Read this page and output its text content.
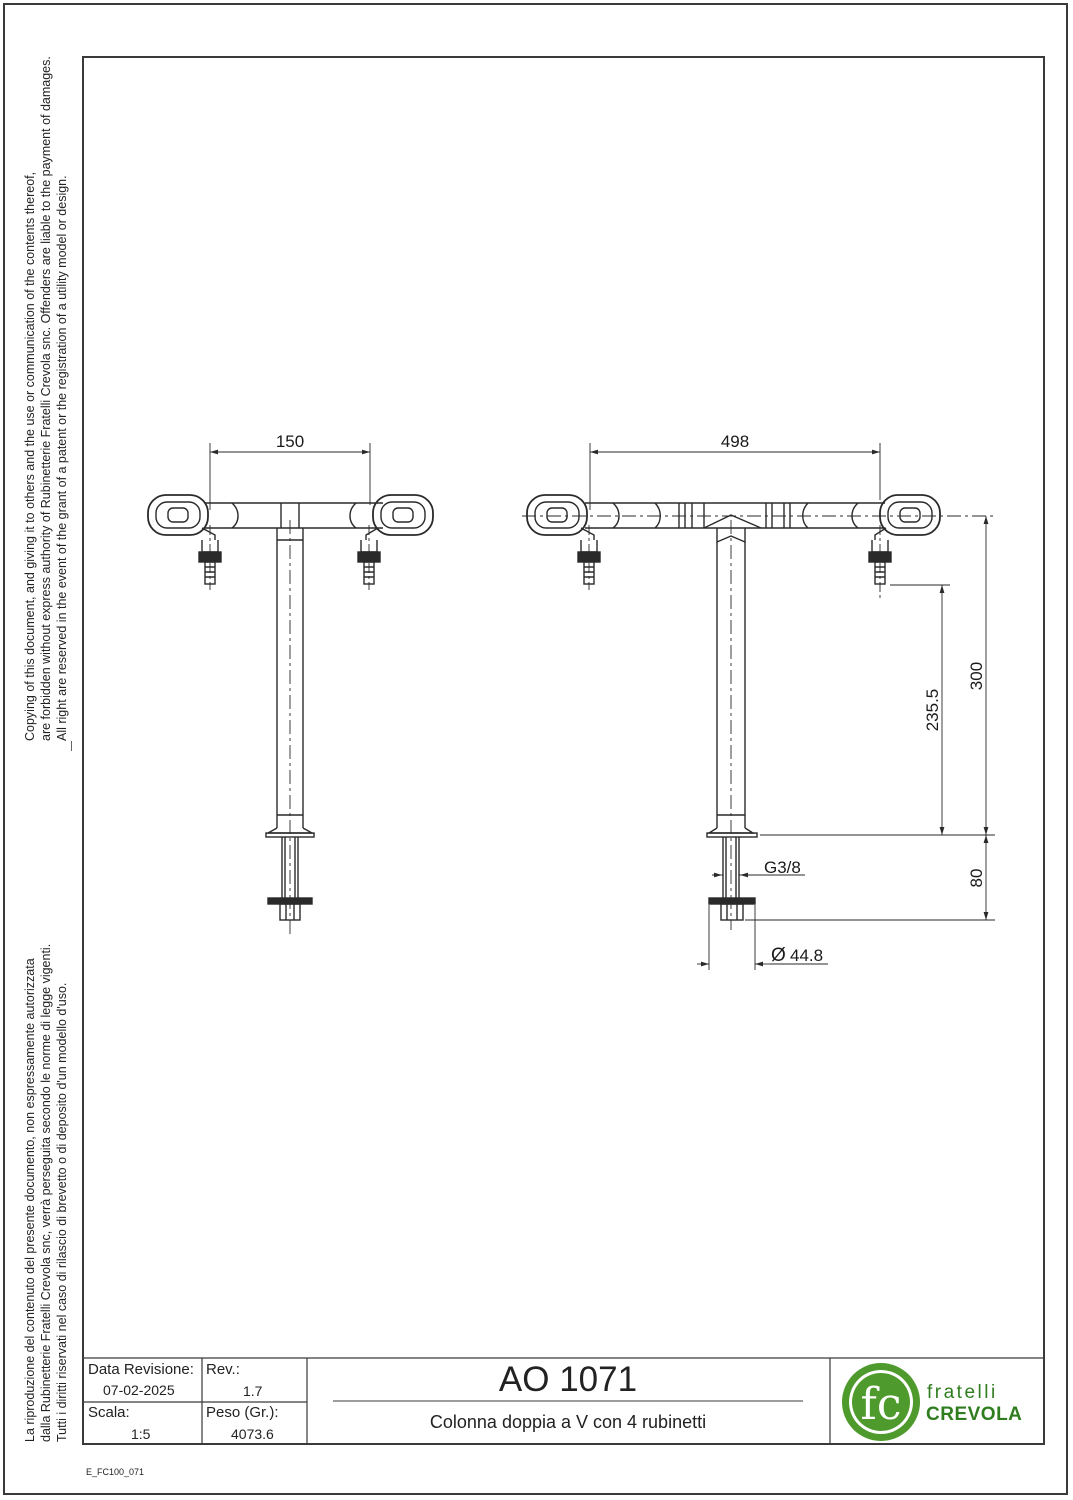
Copying of this document, and giving it to others and the use or communication of the contents thereof, are forbidden without express authority of Rubinetterie Fratelli Crevola snc. Offenders are liable to the payment of damages. All right are reserved in the event of the grant of a patent or the registration of a utility model or design.
La riproduzione del contenuto del presente documento, non espressamente autorizzata dalla Rubinetterie Fratelli Crevola snc, verrà perseguita secondo le norme di legge vigenti. Tutti i diritti riservati nel caso di rilascio di brevetto o di deposito d'un modello d'uso.
150	498
235.5
300
80
G3/8
Ø 44.8
fc fratelli
CREVOLA
Data Revisione:
07-02-2025
Rev.:
1.7
Scala:
1:5
Peso (Gr.):
4073.6
AO 1071
Colonna doppia a V con 4 rubinetti
E_FC100_071
